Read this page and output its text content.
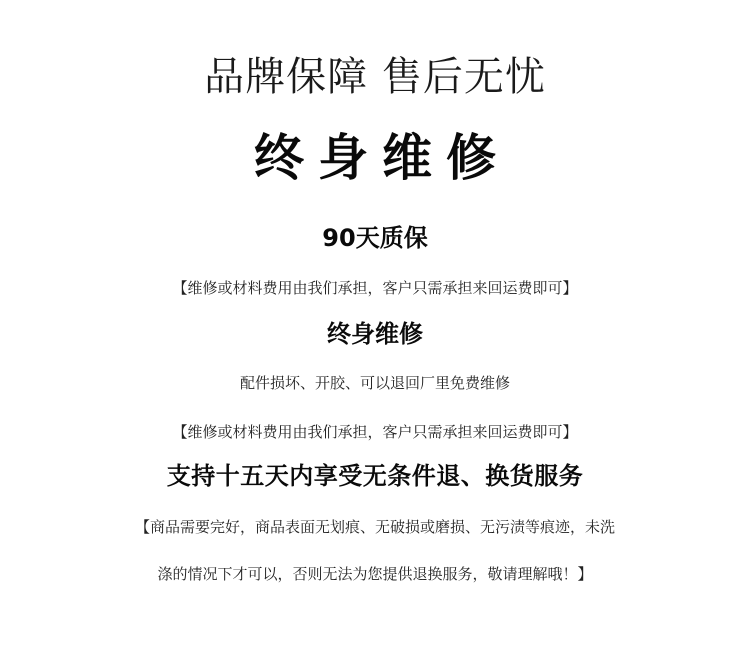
品牌保障 售后无忧
终身维修
90天质保
【维修或材料费用由我们承担，客户只需承担来回运费即可】
终身维修
配件损坏、开胶、可以退回厂里免费维修
【维修或材料费用由我们承担，客户只需承担来回运费即可】
支持十五天内享受无条件退、换货服务
【商品需要完好，商品表面无划痕、无破损或磨损、无污渍等痕迹，未洗
涤的情况下才可以，否则无法为您提供退换服务，敬请理解哦！】
